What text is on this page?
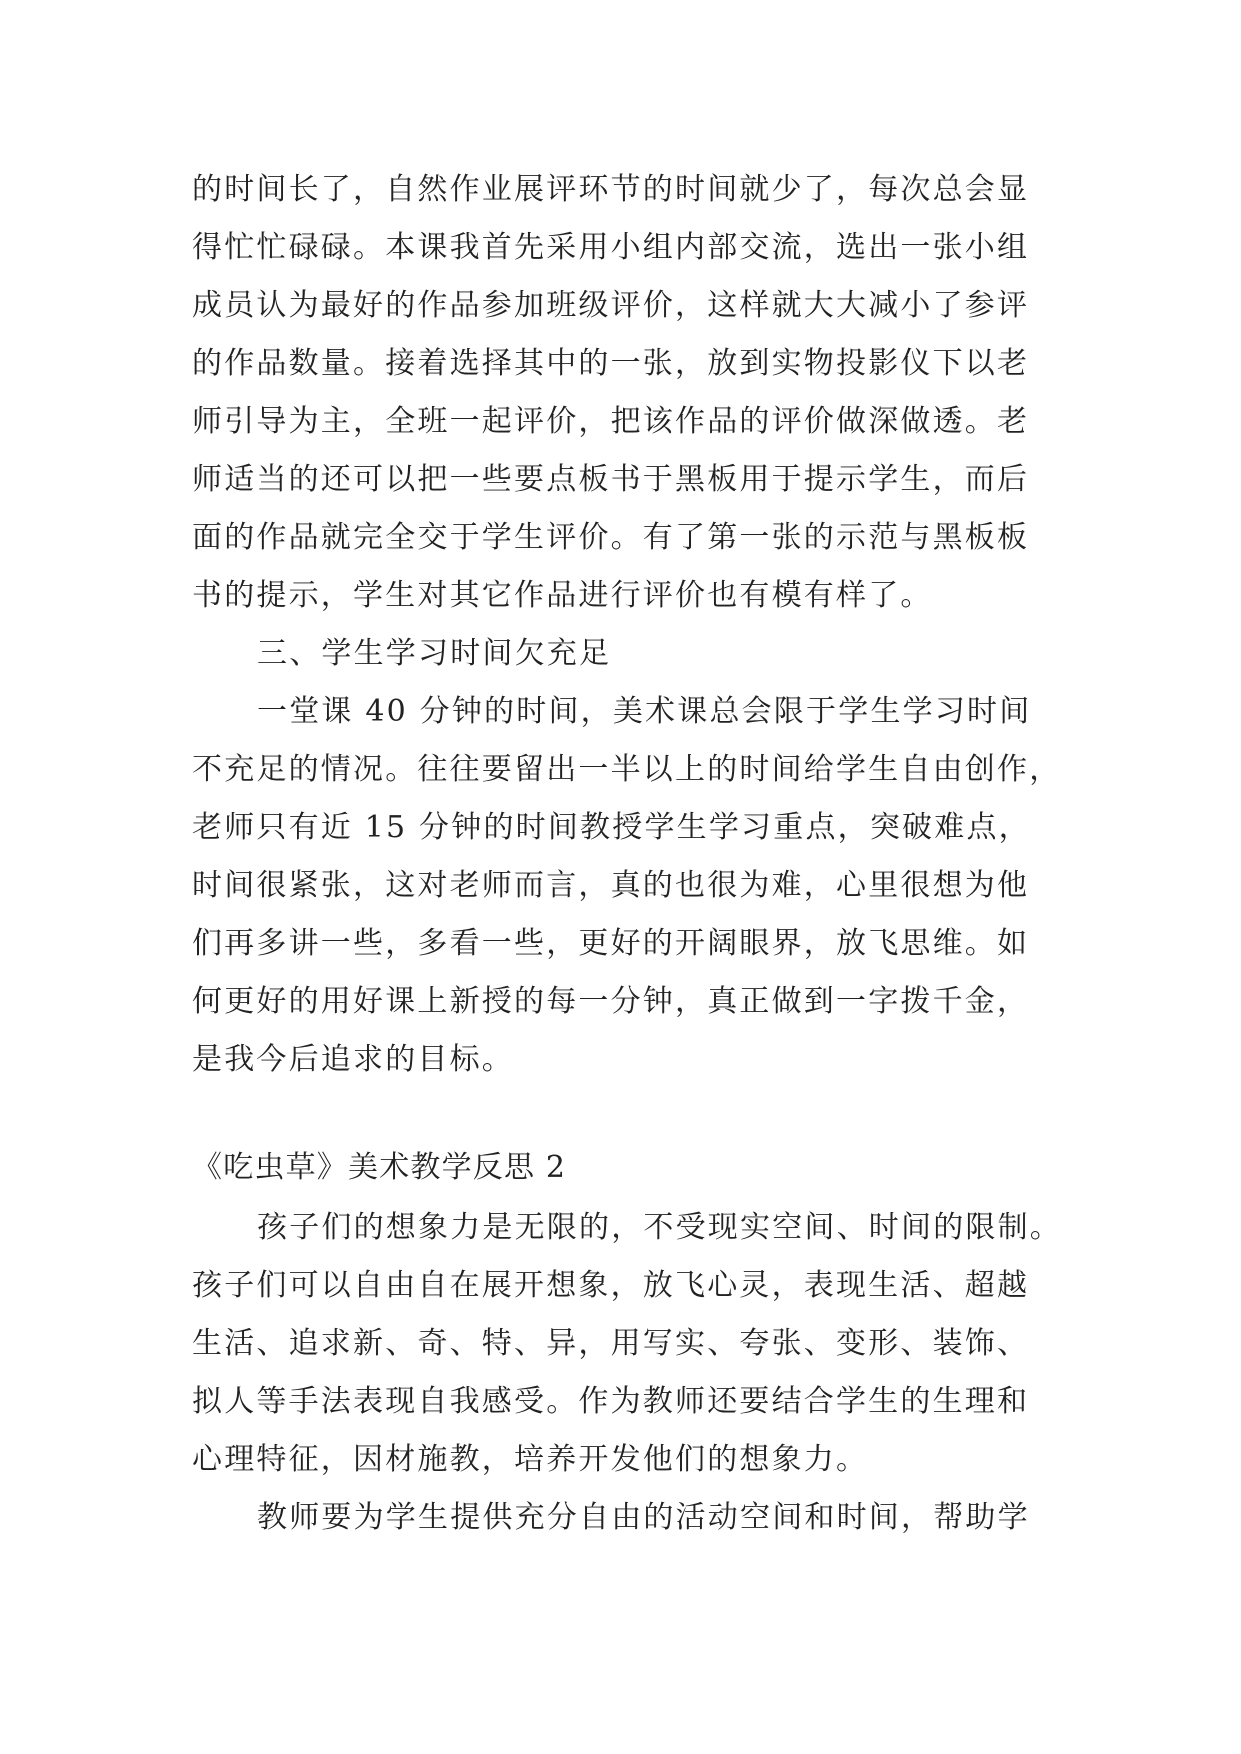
的时间长了，自然作业展评环节的时间就少了，每次总会显
得忙忙碌碌。本课我首先采用小组内部交流，选出一张小组
成员认为最好的作品参加班级评价，这样就大大减小了参评
的作品数量。接着选择其中的一张，放到实物投影仪下以老
师引导为主，全班一起评价，把该作品的评价做深做透。老
师适当的还可以把一些要点板书于黑板用于提示学生，而后
面的作品就完全交于学生评价。有了第一张的示范与黑板板
书的提示，学生对其它作品进行评价也有模有样了。
三、学生学习时间欠充足
一堂课 40 分钟的时间，美术课总会限于学生学习时间
不充足的情况。往往要留出一半以上的时间给学生自由创作，
老师只有近 15 分钟的时间教授学生学习重点，突破难点，
时间很紧张，这对老师而言，真的也很为难，心里很想为他
们再多讲一些，多看一些，更好的开阔眼界，放飞思维。如
何更好的用好课上新授的每一分钟，真正做到一字拨千金，
是我今后追求的目标。
《吃虫草》美术教学反思 2
孩子们的想象力是无限的，不受现实空间、时间的限制。
孩子们可以自由自在展开想象，放飞心灵，表现生活、超越
生活、追求新、奇、特、异，用写实、夸张、变形、装饰、
拟人等手法表现自我感受。作为教师还要结合学生的生理和
心理特征，因材施教，培养开发他们的想象力。
教师要为学生提供充分自由的活动空间和时间，帮助学
